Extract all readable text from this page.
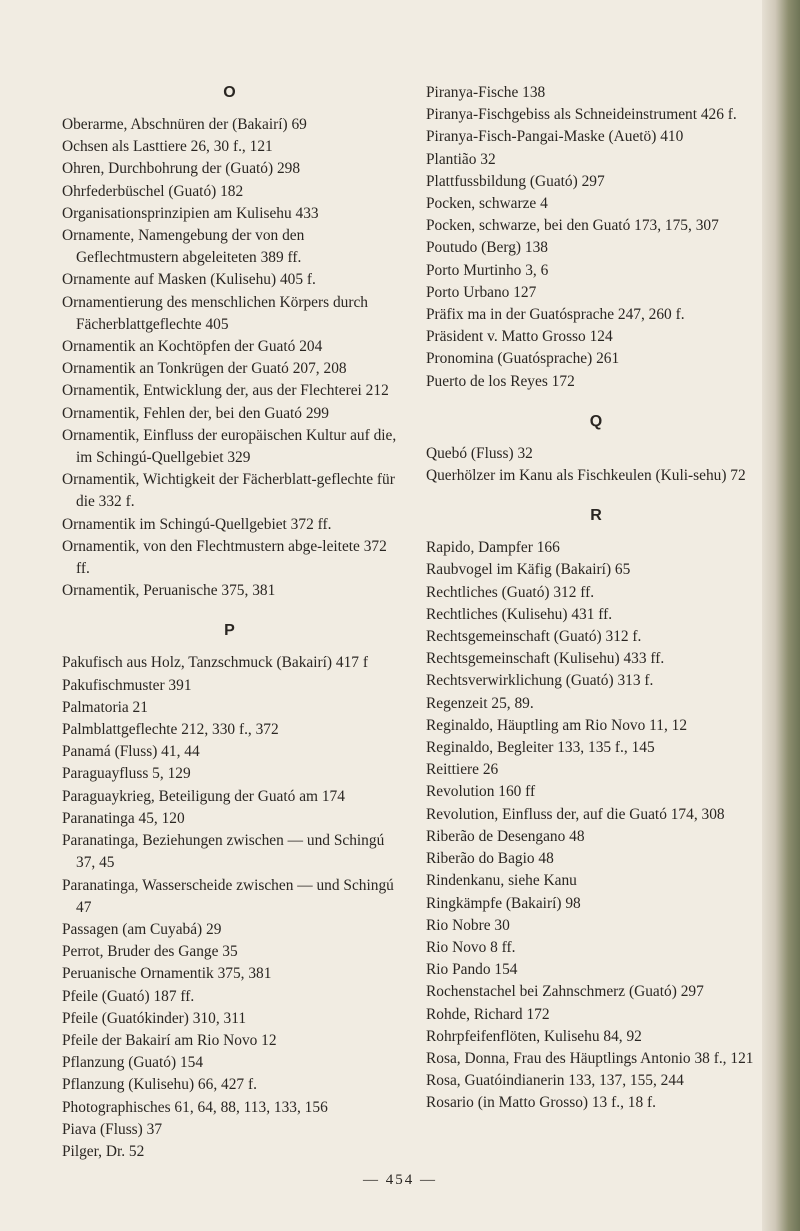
O
Oberarme, Abschnüren der (Bakairí) 69
Ochsen als Lasttiere 26, 30 f., 121
Ohren, Durchbohrung der (Guató) 298
Ohrfederbüschel (Guató) 182
Organisationsprinzipien am Kulisehu 433
Ornamente, Namengebung der von den Geflechtmustern abgeleiteten 389 ff.
Ornamente auf Masken (Kulisehu) 405 f.
Ornamentierung des menschlichen Körpers durch Fächerblattgeflechte 405
Ornamentik an Kochtöpfen der Guató 204
Ornamentik an Tonkrügen der Guató 207, 208
Ornamentik, Entwicklung der, aus der Flechterei 212
Ornamentik, Fehlen der, bei den Guató 299
Ornamentik, Einfluss der europäischen Kultur auf die, im Schingú-Quellgebiet 329
Ornamentik, Wichtigkeit der Fächerblatt-geflechte für die 332 f.
Ornamentik im Schingú-Quellgebiet 372 ff.
Ornamentik, von den Flechtmustern abge-leitete 372 ff.
Ornamentik, Peruanische 375, 381
P
Pakufisch aus Holz, Tanzschmuck (Bakairí) 417 f
Pakufischmuster 391
Palmatoria 21
Palmblattgeflechte 212, 330 f., 372
Panamá (Fluss) 41, 44
Paraguayfluss 5, 129
Paraguaykrieg, Beteiligung der Guató am 174
Paranatinga 45, 120
Paranatinga, Beziehungen zwischen — und Schingú 37, 45
Paranatinga, Wasserscheide zwischen — und Schingú 47
Passagen (am Cuyabá) 29
Perrot, Bruder des Gange 35
Peruanische Ornamentik 375, 381
Pfeile (Guató) 187 ff.
Pfeile (Guatókinder) 310, 311
Pfeile der Bakairí am Rio Novo 12
Pflanzung (Guató) 154
Pflanzung (Kulisehu) 66, 427 f.
Photographisches 61, 64, 88, 113, 133, 156
Piava (Fluss) 37
Pilger, Dr. 52
Piranya-Fische 138
Piranya-Fischgebiss als Schneideinstrument 426 f.
Piranya-Fisch-Pangai-Maske (Auetö) 410
Plantião 32
Plattfussbildung (Guató) 297
Pocken, schwarze 4
Pocken, schwarze, bei den Guató 173, 175, 307
Poutudo (Berg) 138
Porto Murtinho 3, 6
Porto Urbano 127
Präfix ma in der Guatósprache 247, 260 f.
Präsident v. Matto Grosso 124
Pronomina (Guatósprache) 261
Puerto de los Reyes 172
Q
Quebó (Fluss) 32
Querhölzer im Kanu als Fischkeulen (Kuli-sehu) 72
R
Rapido, Dampfer 166
Raubvogel im Käfig (Bakairí) 65
Rechtliches (Guató) 312 ff.
Rechtliches (Kulisehu) 431 ff.
Rechtsgemeinschaft (Guató) 312 f.
Rechtsgemeinschaft (Kulisehu) 433 ff.
Rechtsverwirklichung (Guató) 313 f.
Regenzeit 25, 89.
Reginaldo, Häuptling am Rio Novo 11, 12
Reginaldo, Begleiter 133, 135 f., 145
Reittiere 26
Revolution 160 ff
Revolution, Einfluss der, auf die Guató 174, 308
Riberão de Desengano 48
Riberão do Bagio 48
Rindenkanu, siehe Kanu
Ringkämpfe (Bakairí) 98
Rio Nobre 30
Rio Novo 8 ff.
Rio Pando 154
Rochenstachel bei Zahnschmerz (Guató) 297
Rohde, Richard 172
Rohrpfeifenflöten, Kulisehu 84, 92
Rosa, Donna, Frau des Häuptlings Antonio 38 f., 121
Rosa, Guatóindianerin 133, 137, 155, 244
Rosario (in Matto Grosso) 13 f., 18 f.
— 454 —
